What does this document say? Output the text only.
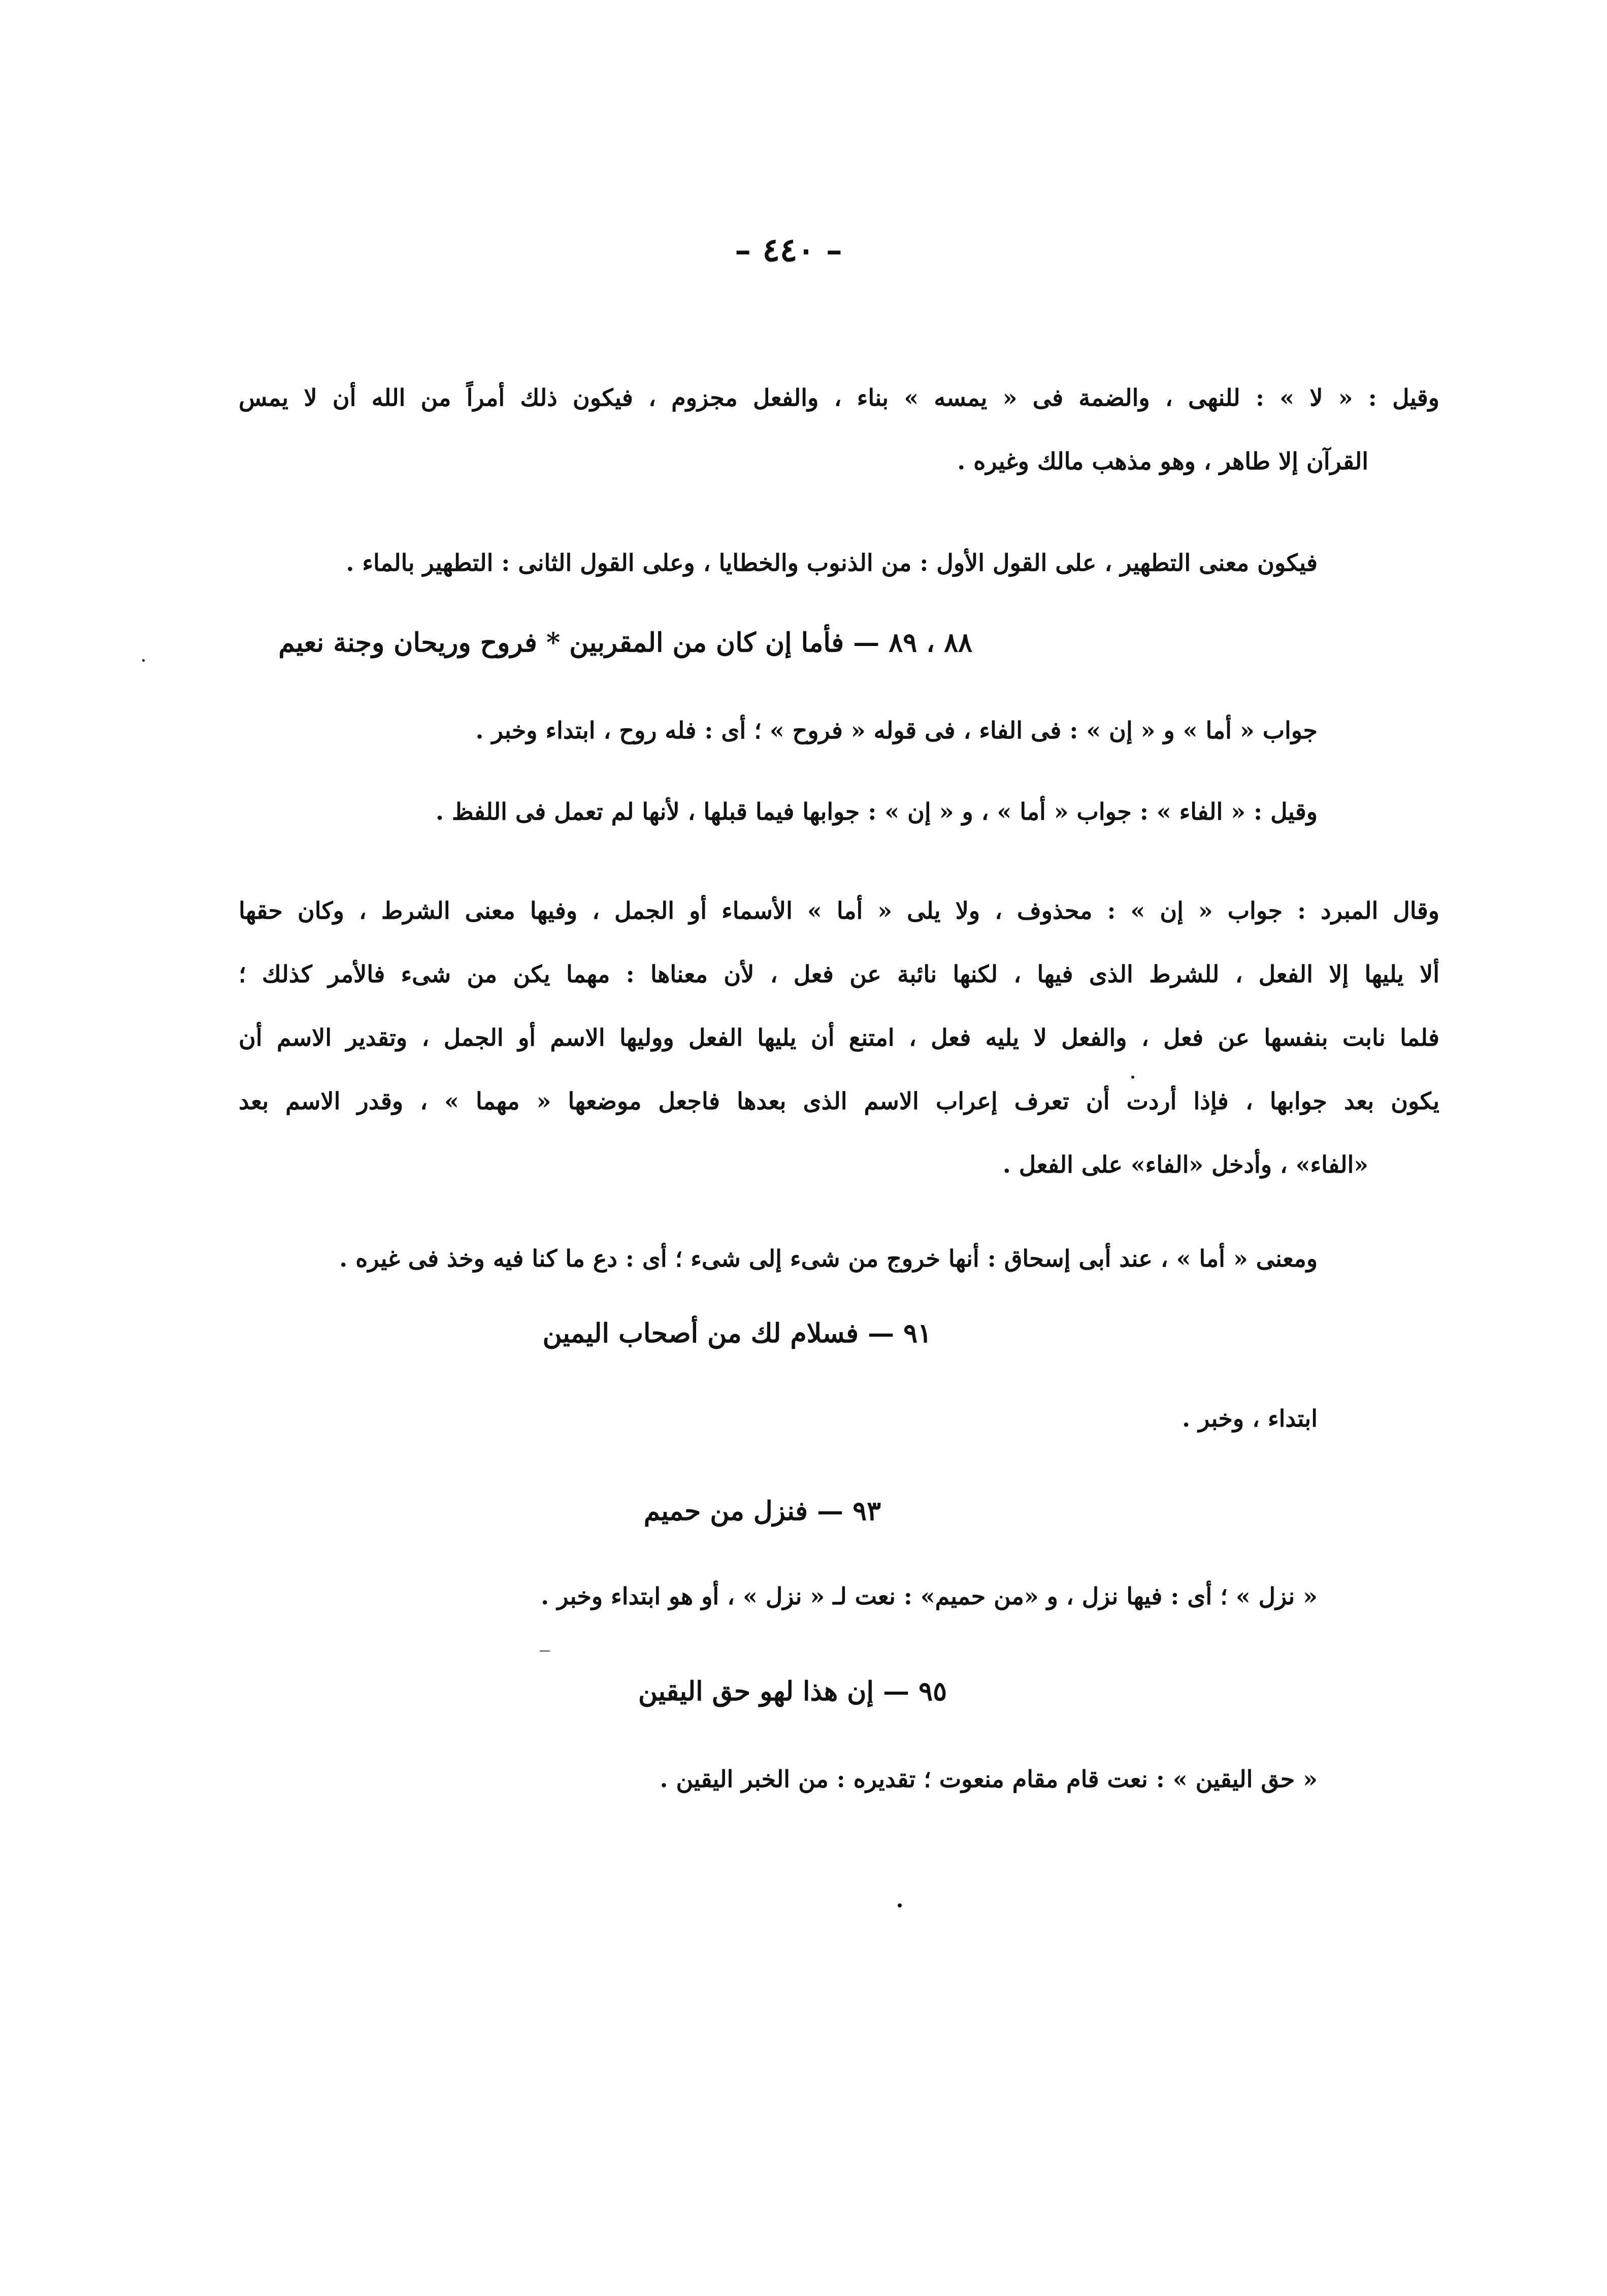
– ٤٤٠ –
وقيل : « لا » : للنهى ، والضمة فى « يمسه » بناء ، والفعل مجزوم ، فيكون ذلك أمراً من الله أن لا يمس
القرآن إلا طاهر ، وهو مذهب مالك وغيره .
فيكون معنى التطهير ، على القول الأول : من الذنوب والخطايا ، وعلى القول الثانى : التطهير بالماء .
٨٨ ، ٨٩ — فأما إن كان من المقربين * فروح وريحان وجنة نعيم
جواب « أما » و « إن » : فى الفاء ، فى قوله « فروح » ؛ أى : فله روح ، ابتداء وخبر .
وقيل : « الفاء » : جواب « أما » ، و « إن » : جوابها فيما قبلها ، لأنها لم تعمل فى اللفظ .
وقال المبرد : جواب « إن » : محذوف ، ولا يلى « أما » الأسماء أو الجمل ، وفيها معنى الشرط ، وكان حقها
ألا يليها إلا الفعل ، للشرط الذى فيها ، لكنها نائبة عن فعل ، لأن معناها : مهما يكن من شىء فالأمر كذلك ؛
فلما نابت بنفسها عن فعل ، والفعل لا يليه فعل ، امتنع أن يليها الفعل ووليها الاسم أو الجمل ، وتقدير الاسم أن
يكون بعد جوابها ، فإذا أردت أن تعرف إعراب الاسم الذى بعدها فاجعل موضعها « مهما » ، وقدر الاسم بعد
«الفاء» ، وأدخل «الفاء» على الفعل .
ومعنى « أما » ، عند أبى إسحاق : أنها خروج من شىء إلى شىء ؛ أى : دع ما كنا فيه وخذ فى غيره .
٩١ — فسلام لك من أصحاب اليمين
ابتداء ، وخبر .
٩٣ — فنزل من حميم
« نزل » ؛ أى : فيها نزل ، و «من حميم» : نعت لـ « نزل » ، أو هو ابتداء وخبر .
٩٥ — إن هذا لهو حق اليقين
« حق اليقين » : نعت قام مقام منعوت ؛ تقديره : من الخبر اليقين .
